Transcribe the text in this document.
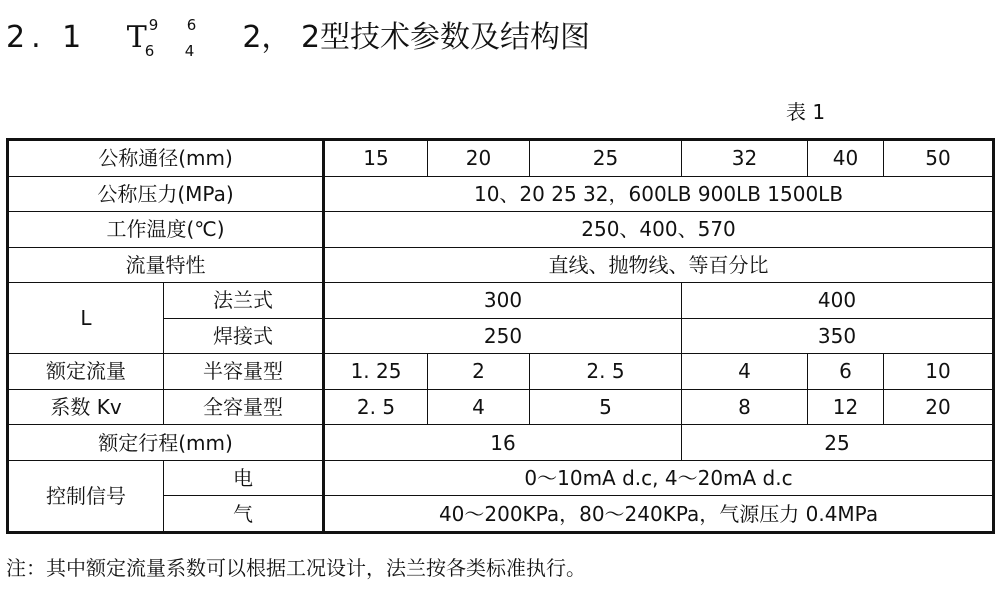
2. 1 T 9
6
6
4 2， 2型技术参数及结构图
表 1
公称通径(mm)		15	20	25	32	40	50
公称压力(MPa)		10、20 25 32，600LB 900LB 1500LB					
工作温度(℃)		250、400、570					
流量特性		直线、抛物线、等百分比					
L	法兰式	300			400		
	焊接式	250			350		
额定流量	半容量型	1. 25	2	2. 5	4	6	10
系数 Kv	全容量型	2. 5	4	5	8	12	20
额定行程(mm)		16			25		
控制信号	电	0～10mA d.c, 4～20mA d.c					
	气	40～200KPa，80～240KPa，气源压力 0.4MPa					
注：其中额定流量系数可以根据工况设计，法兰按各类标准执行。
